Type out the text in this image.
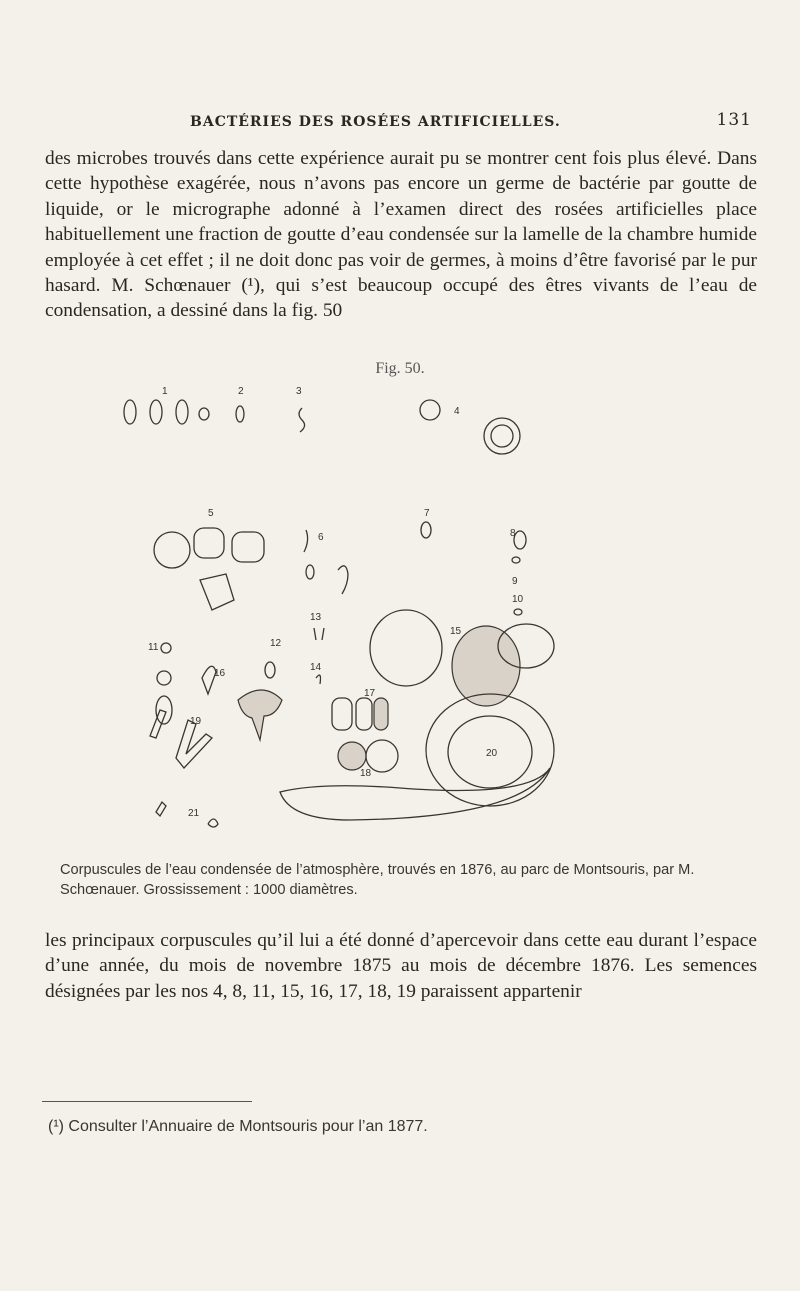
BACTÉRIES DES ROSÉES ARTIFICIELLES.	131
des microbes trouvés dans cette expérience aurait pu se montrer cent fois plus élevé. Dans cette hypothèse exagérée, nous n’avons pas encore un germe de bactérie par goutte de liquide, or le micrographe adonné à l’examen direct des rosées artificielles place habituellement une fraction de goutte d’eau condensée sur la lamelle de la chambre humide employée à cet effet ; il ne doit donc pas voir de germes, à moins d’être favorisé par le pur hasard. M. Schœnauer (¹), qui s’est beaucoup occupé des êtres vivants de l’eau de condensation, a dessiné dans la fig. 50
Fig. 50.
1	2	3
4
5
6
7
8
9
10
11	12
13
14
15
16
17
18
19
20
21
Corpuscules de l’eau condensée de l’atmosphère, trouvés en 1876, au parc de Montsouris, par M. Schœnauer. Grossissement : 1000 diamètres.
les principaux corpuscules qu’il lui a été donné d’apercevoir dans cette eau durant l’espace d’une année, du mois de novembre 1875 au mois de décembre 1876. Les semences désignées par les nos 4, 8, 11, 15, 16, 17, 18, 19 paraissent appartenir
(¹) Consulter l’Annuaire de Montsouris pour l’an 1877.
